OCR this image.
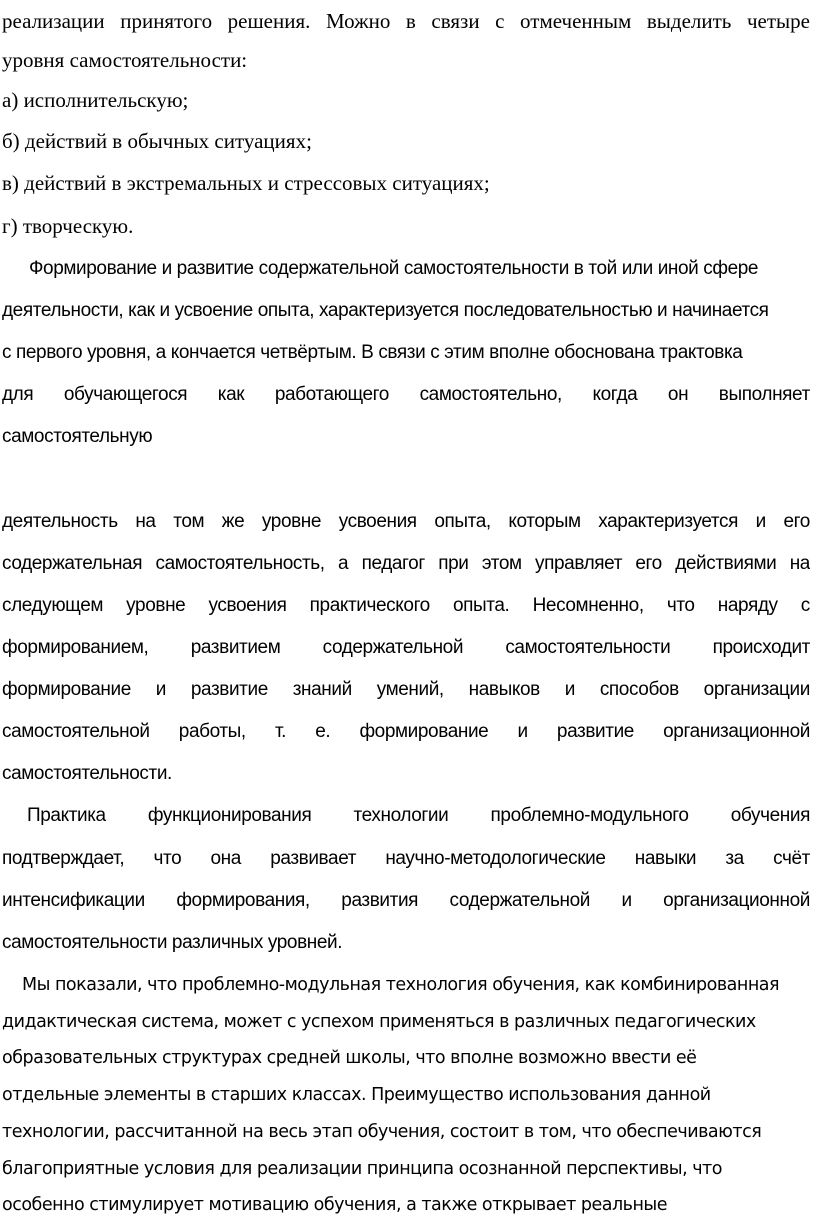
реализации принятого решения. Можно в связи с отмеченным выделить четыре
уровня самостоятельности:
а) исполнительскую;
б) действий в обычных ситуациях;
в) действий в экстремальных и стрессовых ситуациях;
г) творческую.
Формирование и развитие содержательной самостоятельности в той или иной сфере
деятельности, как и усвоение опыта, характеризуется последовательностью и начинается
с первого уровня, а кончается четвёртым. В связи с этим вполне обоснована трактовка
для обучающегося как работающего самостоятельно, когда он выполняет
самостоятельную
деятельность на том же уровне усвоения опыта, которым характеризуется и его
содержательная самостоятельность, а педагог при этом управляет его действиями на
следующем уровне усвоения практического опыта. Несомненно, что наряду с
формированием, развитием содержательной самостоятельности происходит
формирование и развитие знаний умений, навыков и способов организации
самостоятельной работы, т. е. формирование и развитие организационной
самостоятельности.
Практика функционирования технологии проблемно-модульного обучения
подтверждает, что она развивает научно-методологические навыки за счёт
интенсификации формирования, развития содержательной и организационной
самостоятельности различных уровней.
Мы показали, что проблемно-модульная технология обучения, как комбинированная
дидактическая система, может с успехом применяться в различных педагогических
образовательных структурах средней школы, что вполне возможно ввести её
отдельные элементы в старших классах. Преимущество использования данной
технологии, рассчитанной на весь этап обучения, состоит в том, что обеспечиваются
благоприятные условия для реализации принципа осознанной перспективы, что
особенно стимулирует мотивацию обучения, а также открывает реальные
